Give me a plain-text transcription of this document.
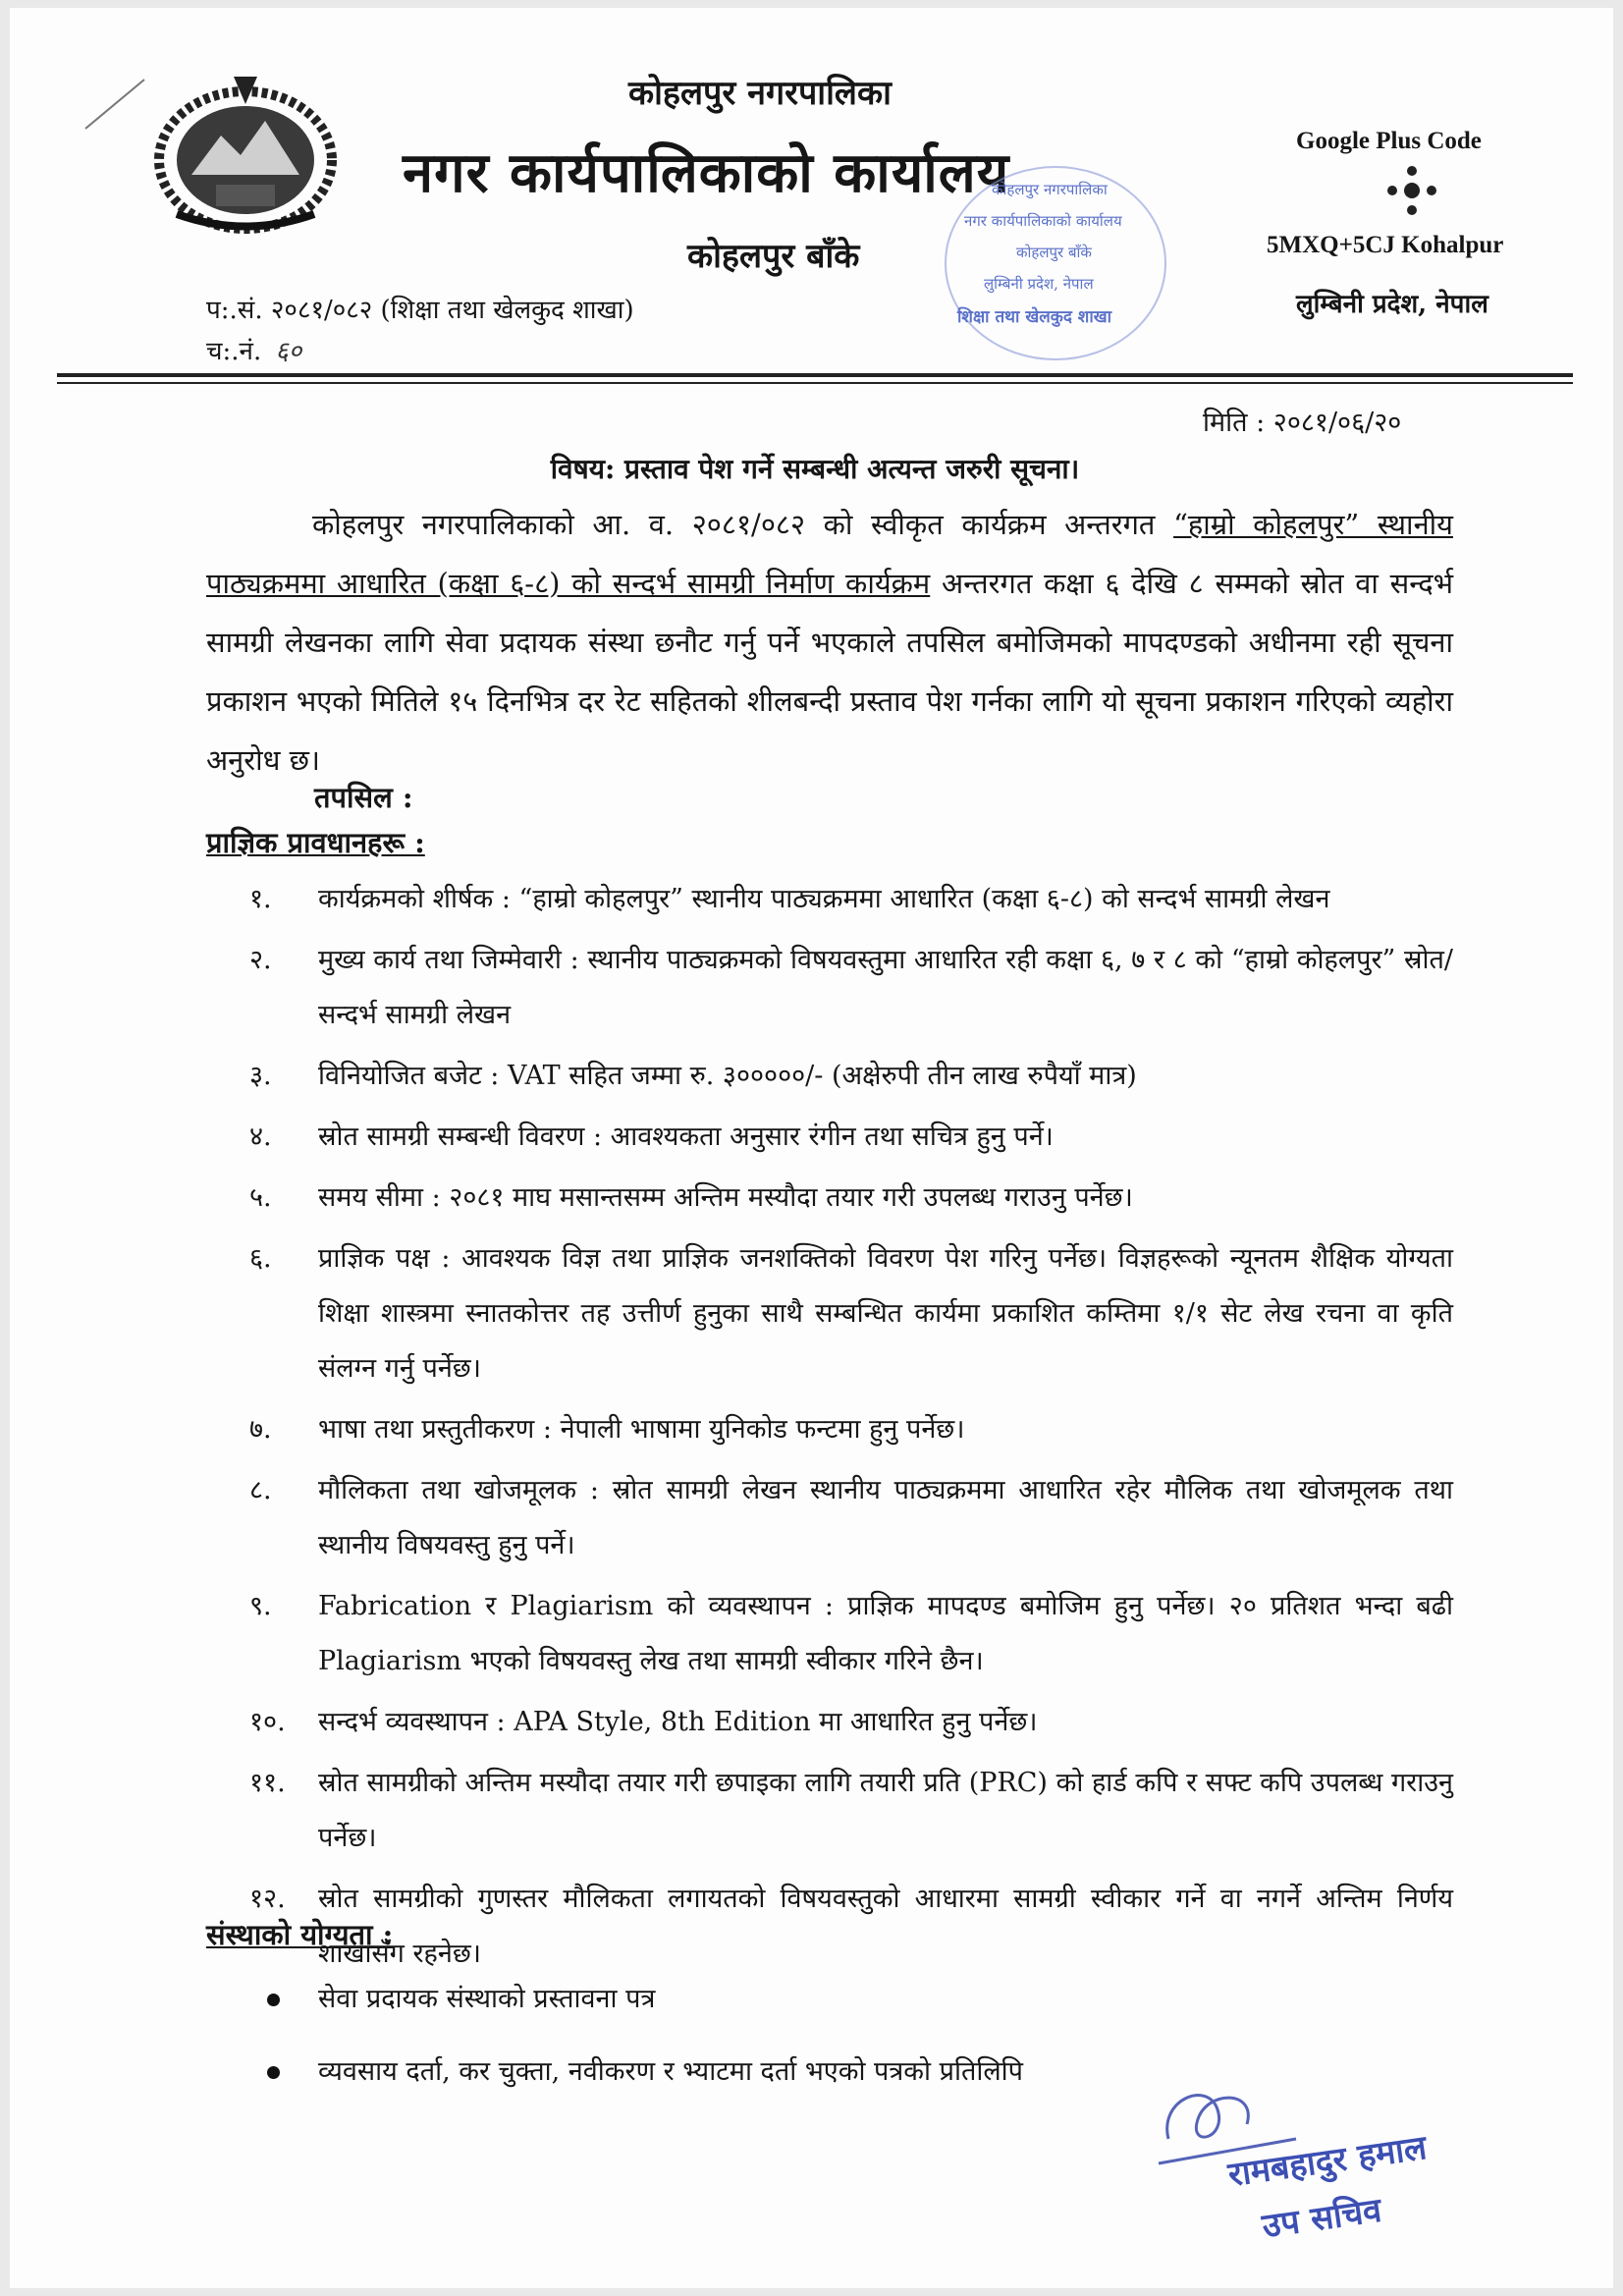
कोहलपुर नगरपालिका
नगर कार्यपालिकाको कार्यालय
कोहलपुर बाँके
कोहलपुर नगरपालिका
नगर कार्यपालिकाको कार्यालय
कोहलपुर बाँके
लुम्बिनी प्रदेश, नेपाल
शिक्षा तथा खेलकुद शाखा
Google Plus Code
5MXQ+5CJ Kohalpur
लुम्बिनी प्रदेश, नेपाल
प:.सं. २०८१/०८२ (शिक्षा तथा खेलकुद शाखा)
च:.नं. ६०
मिति : २०८१/०६/२०
विषय: प्रस्ताव पेश गर्ने सम्बन्धी अत्यन्त जरुरी सूचना।

कोहलपुर नगरपालिकाको आ. व. २०८१/०८२ को स्वीकृत कार्यक्रम अन्तरगत “हाम्रो कोहलपुर” स्थानीय पाठ्यक्रममा आधारित (कक्षा ६-८) को सन्दर्भ सामग्री निर्माण कार्यक्रम अन्तरगत कक्षा ६ देखि ८ सम्मको स्रोत वा सन्दर्भ सामग्री लेखनका लागि सेवा प्रदायक संस्था छनौट गर्नु पर्ने भएकाले तपसिल बमोजिमको मापदण्डको अधीनमा रही सूचना प्रकाशन भएको मितिले १५ दिनभित्र दर रेट सहितको शीलबन्दी प्रस्ताव पेश गर्नका लागि यो सूचना प्रकाशन गरिएको व्यहोरा अनुरोध छ।

तपसिल :
प्राज्ञिक प्रावधानहरू :
१. कार्यक्रमको शीर्षक : “हाम्रो कोहलपुर” स्थानीय पाठ्यक्रममा आधारित (कक्षा ६-८) को सन्दर्भ सामग्री लेखन
२. मुख्य कार्य तथा जिम्मेवारी : स्थानीय पाठ्यक्रमको विषयवस्तुमा आधारित रही कक्षा ६, ७ र ८ को “हाम्रो कोहलपुर” स्रोत/सन्दर्भ सामग्री लेखन
३. विनियोजित बजेट : VAT सहित जम्मा रु. ३०००००/- (अक्षेरुपी तीन लाख रुपैयाँ मात्र)
४. स्रोत सामग्री सम्बन्धी विवरण : आवश्यकता अनुसार रंगीन तथा सचित्र हुनु पर्ने।
५. समय सीमा : २०८१ माघ मसान्तसम्म अन्तिम मस्यौदा तयार गरी उपलब्ध गराउनु पर्नेछ।
६. प्राज्ञिक पक्ष : आवश्यक विज्ञ तथा प्राज्ञिक जनशक्तिको विवरण पेश गरिनु पर्नेछ। विज्ञहरूको न्यूनतम शैक्षिक योग्यता शिक्षा शास्त्रमा स्नातकोत्तर तह उत्तीर्ण हुनुका साथै सम्बन्धित कार्यमा प्रकाशित कम्तिमा १/१ सेट लेख रचना वा कृति संलग्न गर्नु पर्नेछ।
७. भाषा तथा प्रस्तुतीकरण : नेपाली भाषामा युनिकोड फन्टमा हुनु पर्नेछ।
८. मौलिकता तथा खोजमूलक : स्रोत सामग्री लेखन स्थानीय पाठ्यक्रममा आधारित रहेर मौलिक तथा खोजमूलक तथा स्थानीय विषयवस्तु हुनु पर्ने।
९. Fabrication र Plagiarism को व्यवस्थापन : प्राज्ञिक मापदण्ड बमोजिम हुनु पर्नेछ। २० प्रतिशत भन्दा बढी Plagiarism भएको विषयवस्तु लेख तथा सामग्री स्वीकार गरिने छैन।
१०. सन्दर्भ व्यवस्थापन : APA Style, 8th Edition मा आधारित हुनु पर्नेछ।
११. स्रोत सामग्रीको अन्तिम मस्यौदा तयार गरी छपाइका लागि तयारी प्रति (PRC) को हार्ड कपि र सफ्ट कपि उपलब्ध गराउनु पर्नेछ।
१२. स्रोत सामग्रीको गुणस्तर मौलिकता लगायतको विषयवस्तुको आधारमा सामग्री स्वीकार गर्ने वा नगर्ने अन्तिम निर्णय शाखासँग रहनेछ।
संस्थाको योग्यता :
सेवा प्रदायक संस्थाको प्रस्तावना पत्र
व्यवसाय दर्ता, कर चुक्ता, नवीकरण र भ्याटमा दर्ता भएको पत्रको प्रतिलिपि
रामबहादुर हमाल
उप सचिव
